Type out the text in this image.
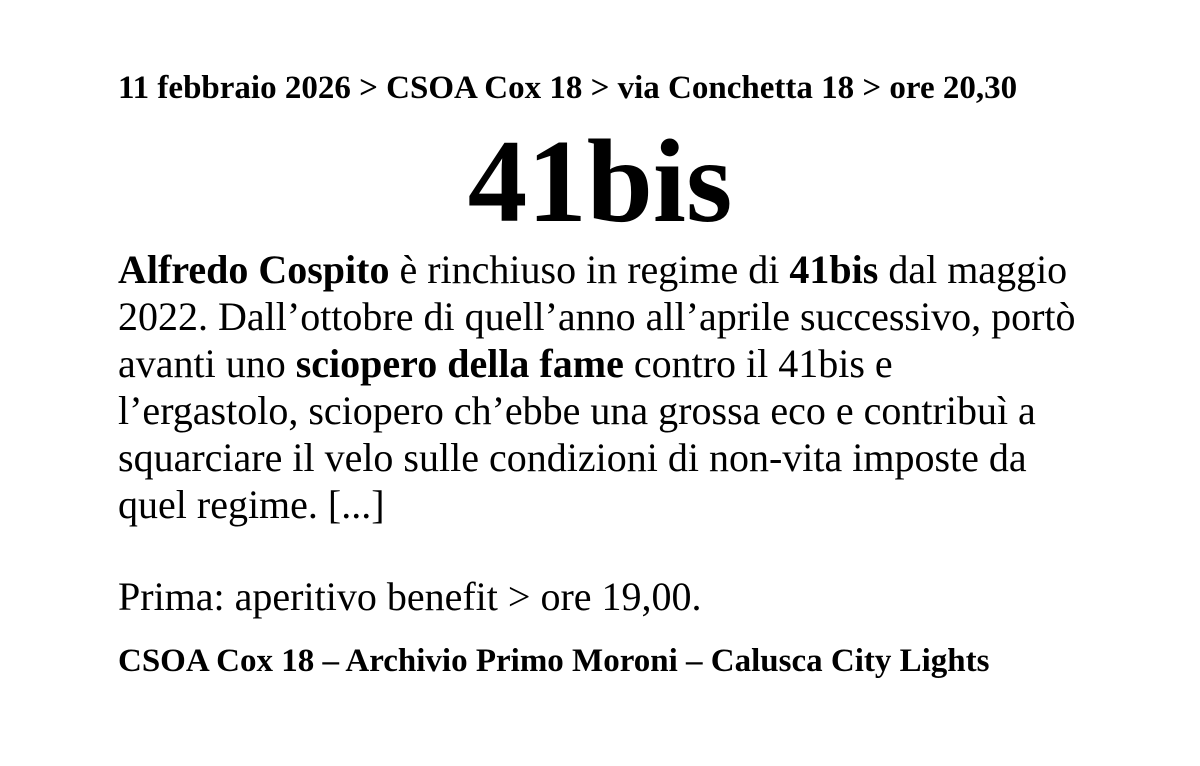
11 febbraio 2026 > CSOA Cox 18 > via Conchetta 18 > ore 20,30
41bis
Alfredo Cospito è rinchiuso in regime di 41bis dal maggio
2022. Dall’ottobre di quell’anno all’aprile successivo, portò
avanti uno sciopero della fame contro il 41bis e
l’ergastolo, sciopero ch’ebbe una grossa eco e contribuì a
squarciare il velo sulle condizioni di non-vita imposte da
quel regime. [...]
Prima: aperitivo benefit > ore 19,00.
CSOA Cox 18 – Archivio Primo Moroni – Calusca City Lights
